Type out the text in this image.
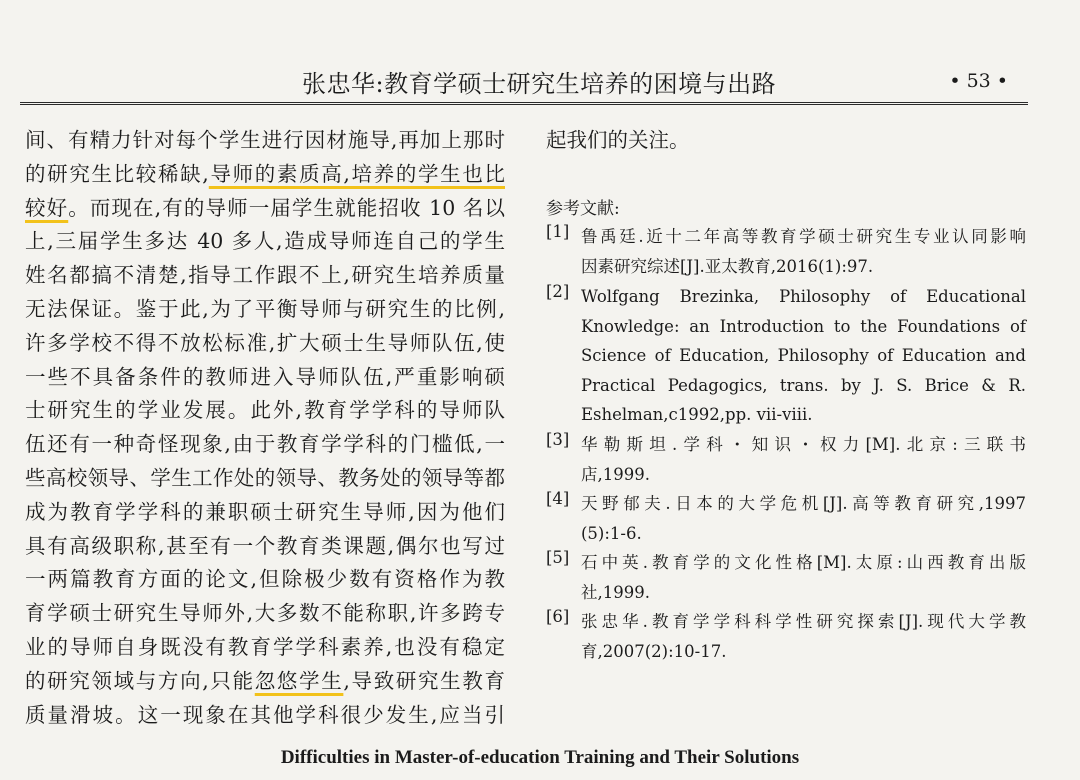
张忠华:教育学硕士研究生培养的困境与出路	• 53 •
间、有精力针对每个学生进行因材施导,再加上那时
的研究生比较稀缺,导师的素质高,培养的学生也比
较好。而现在,有的导师一届学生就能招收 10 名以
上,三届学生多达 40 多人,造成导师连自己的学生
姓名都搞不清楚,指导工作跟不上,研究生培养质量
无法保证。鉴于此,为了平衡导师与研究生的比例,
许多学校不得不放松标准,扩大硕士生导师队伍,使
一些不具备条件的教师进入导师队伍,严重影响硕
士研究生的学业发展。此外,教育学学科的导师队
伍还有一种奇怪现象,由于教育学学科的门槛低,一
些高校领导、学生工作处的领导、教务处的领导等都
成为教育学学科的兼职硕士研究生导师,因为他们
具有高级职称,甚至有一个教育类课题,偶尔也写过
一两篇教育方面的论文,但除极少数有资格作为教
育学硕士研究生导师外,大多数不能称职,许多跨专
业的导师自身既没有教育学学科素养,也没有稳定
的研究领域与方向,只能忽悠学生,导致研究生教育
质量滑坡。这一现象在其他学科很少发生,应当引
起我们的关注。
参考文献:
[1] 鲁禹廷.近十二年高等教育学硕士研究生专业认同影响
因素研究综述[J].亚太教育,2016(1):97.
[2] Wolfgang Brezinka, Philosophy of Educational
Knowledge: an Introduction to the Foundations of
Science of Education, Philosophy of Education and
Practical Pedagogics, trans. by J. S. Brice & R.
Eshelman,c1992,pp. ⅶ-ⅷ.
[3] 华勒斯坦.学科・知识・权力[M].北京:三联书
店,1999.
[4] 天野郁夫.日本的大学危机[J].高等教育研究,1997
(5):1-6.
[5] 石中英.教育学的文化性格[M].太原:山西教育出版
社,1999.
[6] 张忠华.教育学学科科学性研究探索[J].现代大学教
育,2007(2):10-17.
Difficulties in Master-of-education Training and Their Solutions
